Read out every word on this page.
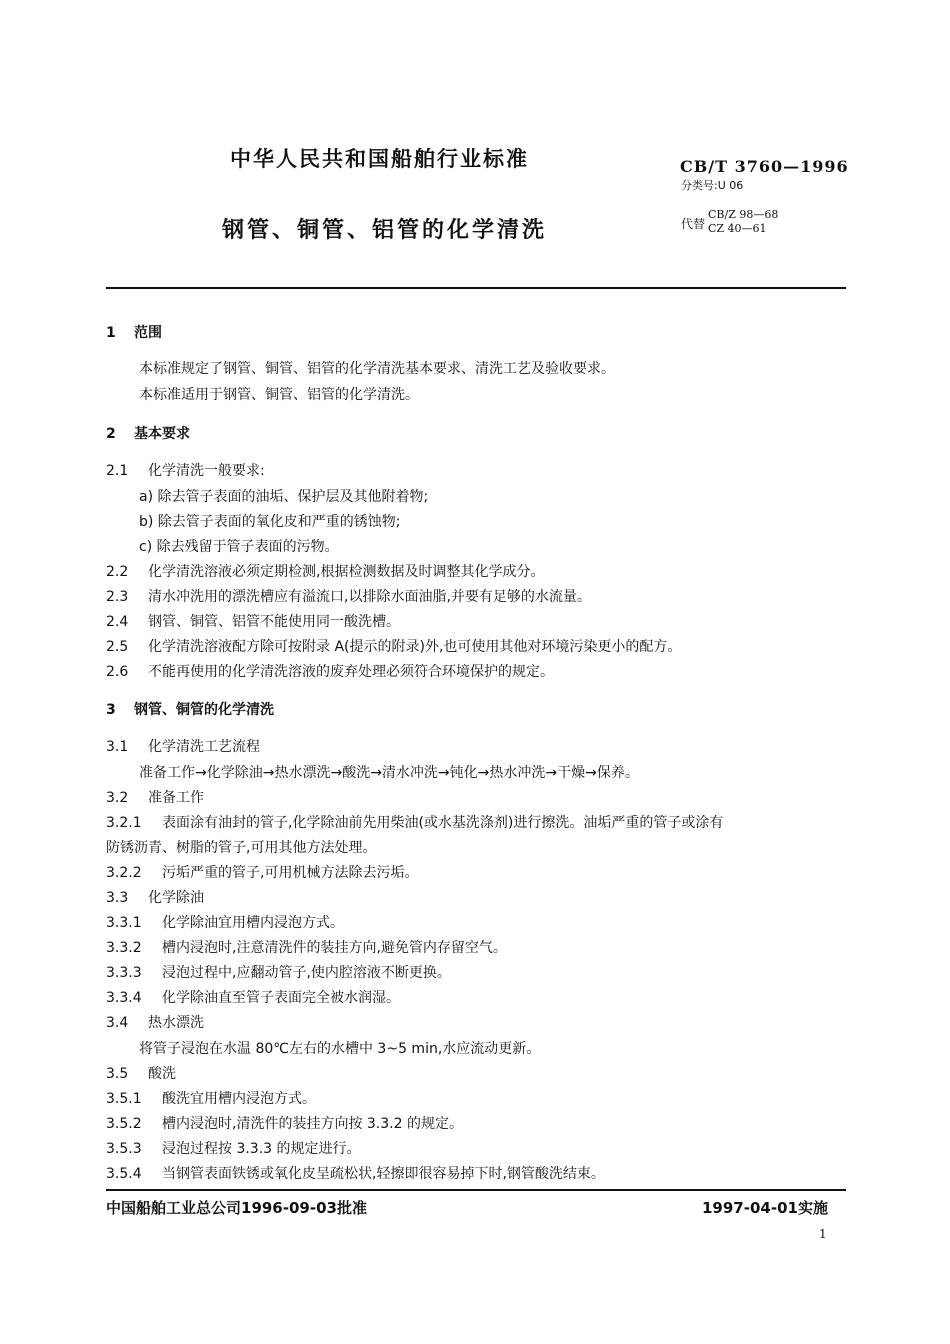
中华人民共和国船舶行业标准
钢管、铜管、铝管的化学清洗
CB/T 3760—1996
分类号:U 06
代替
CB/Z 98—68
CZ 40—61
1 范围
本标准规定了钢管、铜管、铝管的化学清洗基本要求、清洗工艺及验收要求。
本标准适用于钢管、铜管、铝管的化学清洗。
2 基本要求
2.1 化学清洗一般要求:
a) 除去管子表面的油垢、保护层及其他附着物;
b) 除去管子表面的氧化皮和严重的锈蚀物;
c) 除去残留于管子表面的污物。
2.2 化学清洗溶液必须定期检测,根据检测数据及时调整其化学成分。
2.3 清水冲洗用的漂洗槽应有溢流口,以排除水面油脂,并要有足够的水流量。
2.4 钢管、铜管、铝管不能使用同一酸洗槽。
2.5 化学清洗溶液配方除可按附录 A(提示的附录)外,也可使用其他对环境污染更小的配方。
2.6 不能再使用的化学清洗溶液的废弃处理必须符合环境保护的规定。
3 钢管、铜管的化学清洗
3.1 化学清洗工艺流程
准备工作→化学除油→热水漂洗→酸洗→清水冲洗→钝化→热水冲洗→干燥→保养。
3.2 准备工作
3.2.1 表面涂有油封的管子,化学除油前先用柴油(或水基洗涤剂)进行擦洗。油垢严重的管子或涂有
防锈沥青、树脂的管子,可用其他方法处理。
3.2.2 污垢严重的管子,可用机械方法除去污垢。
3.3 化学除油
3.3.1 化学除油宜用槽内浸泡方式。
3.3.2 槽内浸泡时,注意清洗件的装挂方向,避免管内存留空气。
3.3.3 浸泡过程中,应翻动管子,使内腔溶液不断更换。
3.3.4 化学除油直至管子表面完全被水润湿。
3.4 热水漂洗
将管子浸泡在水温 80℃左右的水槽中 3~5 min,水应流动更新。
3.5 酸洗
3.5.1 酸洗宜用槽内浸泡方式。
3.5.2 槽内浸泡时,清洗件的装挂方向按 3.3.2 的规定。
3.5.3 浸泡过程按 3.3.3 的规定进行。
3.5.4 当钢管表面铁锈或氧化皮呈疏松状,轻擦即很容易掉下时,钢管酸洗结束。
中国船舶工业总公司1996-09-03批准	1997-04-01实施
1
